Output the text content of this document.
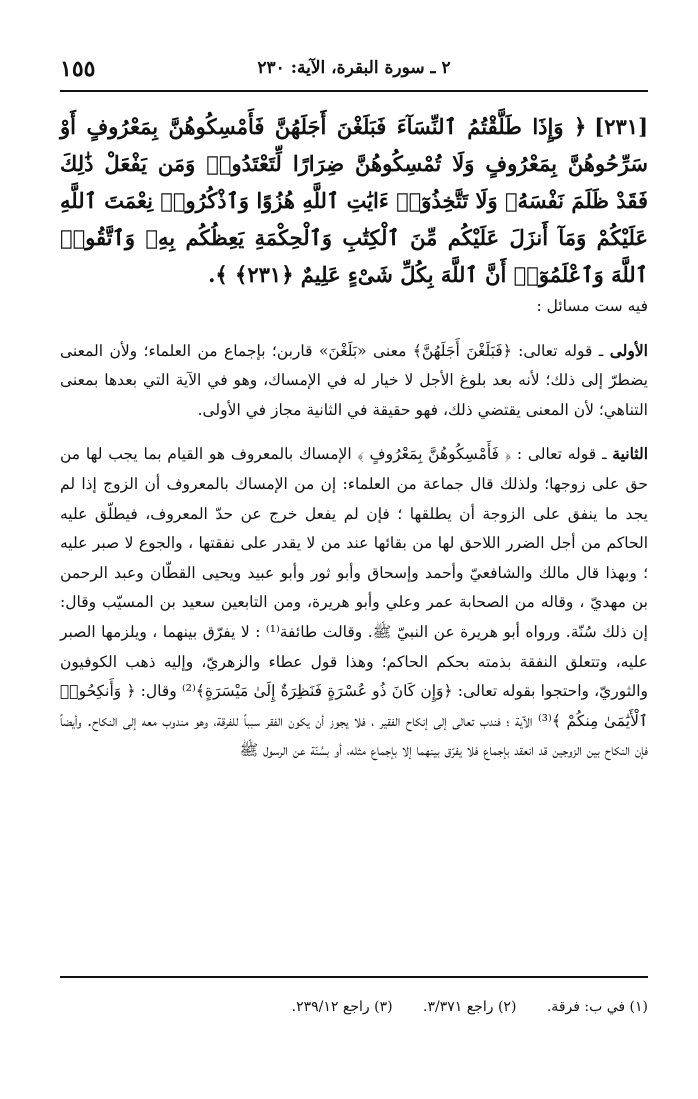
١٥٥	٢ ـ سورة البقرة، الآية: ٢٣٠
[٢٣١]﴿ وَإِذَا طَلَّقْتُمُ ٱلنِّسَآءَ فَبَلَغْنَ أَجَلَهُنَّ فَأَمْسِكُوهُنَّ بِمَعْرُوفٍ أَوْ سَرِّحُوهُنَّ بِمَعْرُوفٍ وَلَا تُمْسِكُوهُنَّ ضِرَارًا لِّتَعْتَدُوا۟ وَمَن يَفْعَلْ ذَٰلِكَ فَقَدْ ظَلَمَ نَفْسَهُۥ وَلَا تَتَّخِذُوٓا۟ ءَايَٰتِ ٱللَّهِ هُزُوًا وَٱذْكُرُوا۟ نِعْمَتَ ٱللَّهِ عَلَيْكُمْ وَمَآ أَنزَلَ عَلَيْكُم مِّنَ ٱلْكِتَٰبِ وَٱلْحِكْمَةِ يَعِظُكُم بِهِۦ وَٱتَّقُوا۟ ٱللَّهَ وَٱعْلَمُوٓا۟ أَنَّ ٱللَّهَ بِكُلِّ شَىْءٍ عَلِيمٌ ﴿٢٣١﴾ ﴾.

فيه ست مسائل :

الأولى ـ قوله تعالى: ﴿فَبَلَغْنَ أَجَلَهُنَّ﴾ معنى «بَلَغْنَ» قاربن؛ بإجماع من العلماء؛ ولأن المعنى يضطرّ إلى ذلك؛ لأنه بعد بلوغ الأجل لا خيار له في الإمساك، وهو في الآية التي بعدها بمعنى التناهي؛ لأن المعنى يقتضي ذلك، فهو حقيقة في الثانية مجاز في الأولى.

الثانية ـ قوله تعالى : ﴿ فَأَمْسِكُوهُنَّ بِمَعْرُوفٍ ﴾ الإمساك بالمعروف هو القيام بما يجب لها من حق على زوجها؛ ولذلك قال جماعة من العلماء: إن من الإمساك بالمعروف أن الزوج إذا لم يجد ما ينفق على الزوجة أن يطلقها ؛ فإن لم يفعل خرج عن حدّ المعروف، فيطلّق عليه الحاكم من أجل الضرر اللاحق لها من بقائها عند من لا يقدر على نفقتها ، والجوع لا صبر عليه ؛ وبهذا قال مالك والشافعيّ وأحمد وإسحاق وأبو ثور وأبو عبيد ويحيى القطّان وعبد الرحمن بن مهديّ ، وقاله من الصحابة عمر وعلي وأبو هريرة، ومن التابعين سعيد بن المسيّب وقال: إن ذلك سُنّة. ورواه أبو هريرة عن النبيّ ﷺ. وقالت طائفة⁽¹⁾ : لا يفرّق بينهما ، ويلزمها الصبر عليه، وتتعلق النفقة بذمته بحكم الحاكم؛ وهذا قول عطاء والزهريّ، وإليه ذهب الكوفيون والثوريّ، واحتجوا بقوله تعالى: ﴿وَإِن كَانَ ذُو عُسْرَةٍ فَنَظِرَةٌ إِلَىٰ مَيْسَرَةٍ﴾⁽²⁾ وقال: ﴿ وَأَنكِحُوا۟ ٱلْأَيَٰمَىٰ مِنكُمْ ﴾⁽³⁾ الآية ؛ فندب تعالى إلى إنكاح الفقير ، فلا يجوز أن يكون الفقر سبباً للفرقة، وهو مندوب معه إلى النكاح. وأيضاً فإن النكاح بين الزوجين قد انعقد بإجماع فلا يفرّق بينهما إلا بإجماع مثله، أو بسُنّة عن الرسول ﷺ

(١) في ب: فرقة. (٢) راجع ٣/٣٧١. (٣) راجع ٢٣٩/١٢.
